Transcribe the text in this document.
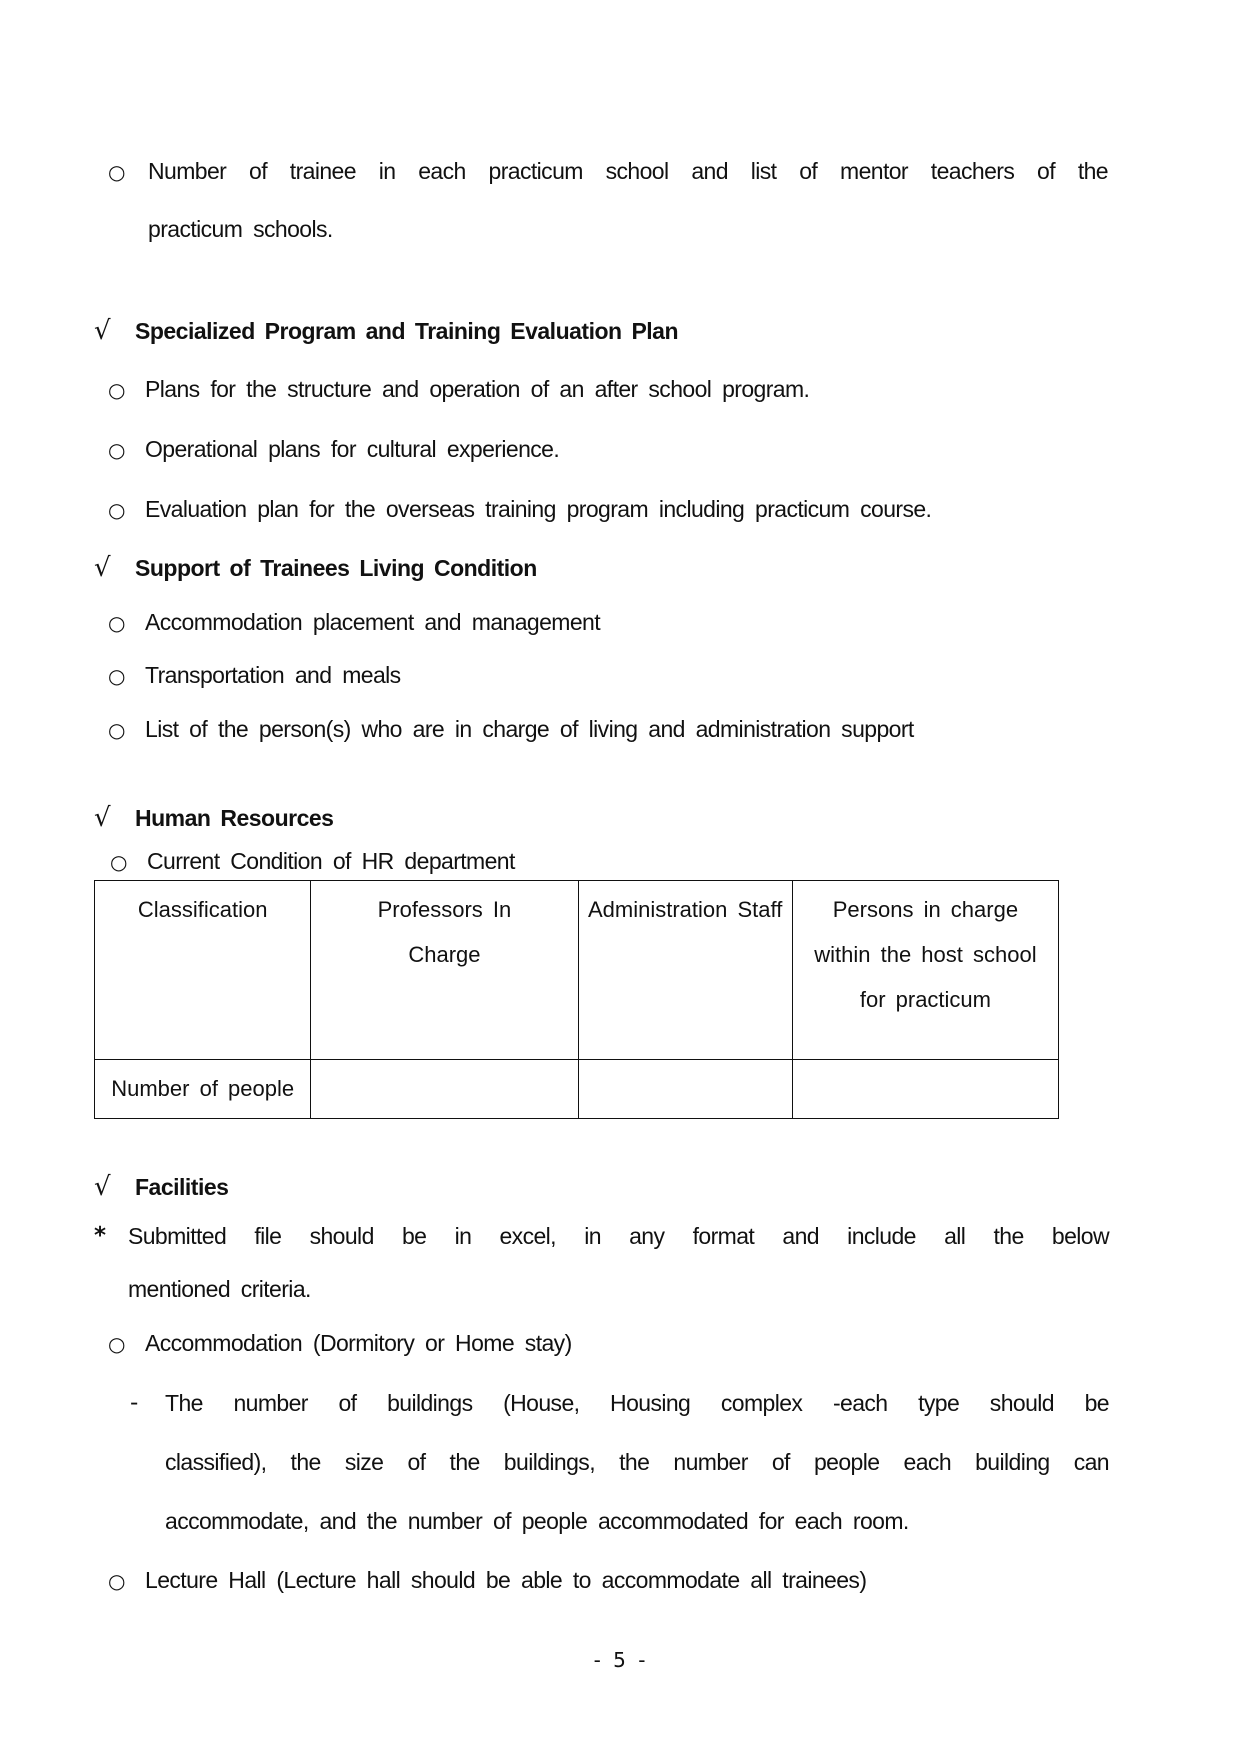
○ Number of trainee in each practicum school and list of mentor teachers of the
practicum schools.
√ Specialized Program and Training Evaluation Plan
○ Plans for the structure and operation of an after school program.
○ Operational plans for cultural experience.
○ Evaluation plan for the overseas training program including practicum course.
√ Support of Trainees Living Condition
○ Accommodation placement and management
○ Transportation and meals
○ List of the person(s) who are in charge of living and administration support
√ Human Resources
○ Current Condition of HR department
Classification	Professors In Charge	Administration Staff	Persons in charge within the host school for practicum
Number of people			
√ Facilities
* Submitted file should be in excel, in any format and include all the below
mentioned criteria.
○ Accommodation (Dormitory or Home stay)
- The number of buildings (House, Housing complex -each type should be
classified), the size of the buildings, the number of people each building can
accommodate, and the number of people accommodated for each room.
○ Lecture Hall (Lecture hall should be able to accommodate all trainees)
- 5 -
